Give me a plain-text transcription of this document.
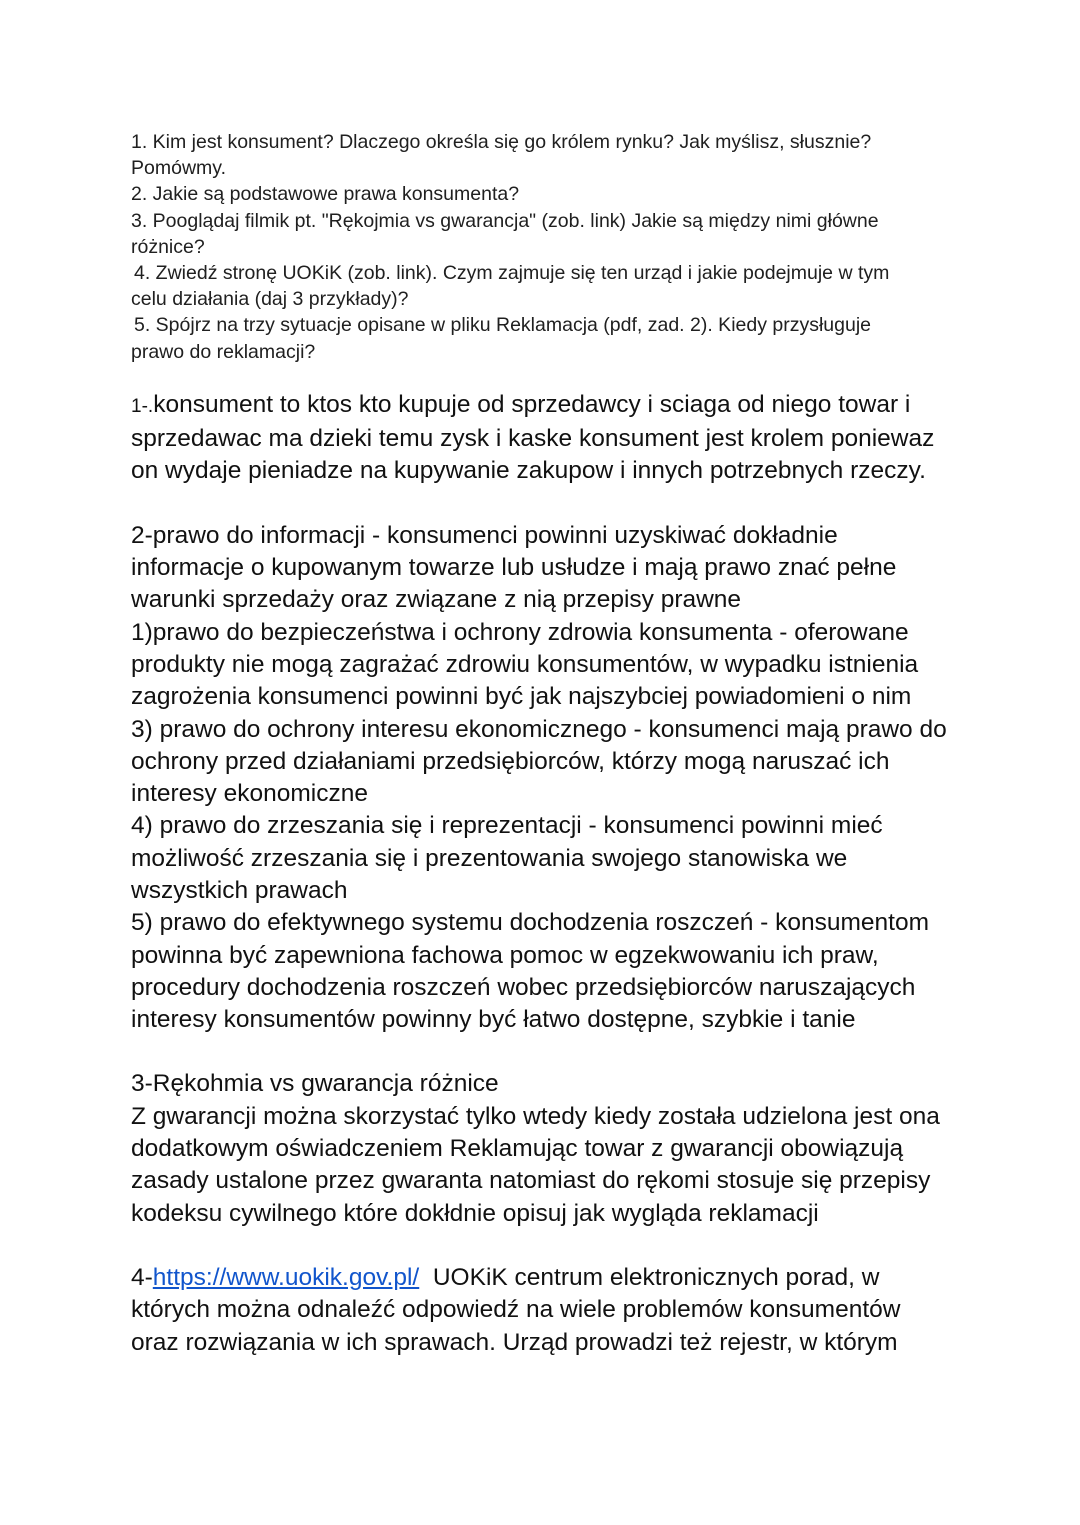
1. Kim jest konsument? Dlaczego określa się go królem rynku? Jak myślisz, słusznie?
Pomówmy.
2. Jakie są podstawowe prawa konsumenta?
3. Pooglądaj filmik pt. "Rękojmia vs gwarancja" (zob. link) Jakie są między nimi główne
różnice?
4. Zwiedź stronę UOKiK (zob. link). Czym zajmuje się ten urząd i jakie podejmuje w tym
celu działania (daj 3 przykłady)?
5. Spójrz na trzy sytuacje opisane w pliku Reklamacja (pdf, zad. 2). Kiedy przysługuje
prawo do reklamacji?
1-.konsument to ktos kto kupuje od sprzedawcy i sciaga od niego towar i
sprzedawac ma dzieki temu zysk i kaske konsument jest krolem poniewaz
on wydaje pieniadze na kupywanie zakupow i innych potrzebnych rzeczy.
2-prawo do informacji - konsumenci powinni uzyskiwać dokładnie
informacje o kupowanym towarze lub usłudze i mają prawo znać pełne
warunki sprzedaży oraz związane z nią przepisy prawne
1)prawo do bezpieczeństwa i ochrony zdrowia konsumenta - oferowane
produkty nie mogą zagrażać zdrowiu konsumentów, w wypadku istnienia
zagrożenia konsumenci powinni być jak najszybciej powiadomieni o nim
3) prawo do ochrony interesu ekonomicznego - konsumenci mają prawo do
ochrony przed działaniami przedsiębiorców, którzy mogą naruszać ich
interesy ekonomiczne
4) prawo do zrzeszania się i reprezentacji - konsumenci powinni mieć
możliwość zrzeszania się i prezentowania swojego stanowiska we
wszystkich prawach
5) prawo do efektywnego systemu dochodzenia roszczeń - konsumentom
powinna być zapewniona fachowa pomoc w egzekwowaniu ich praw,
procedury dochodzenia roszczeń wobec przedsiębiorców naruszających
interesy konsumentów powinny być łatwo dostępne, szybkie i tanie
3-Rękohmia vs gwarancja różnice
Z gwarancji można skorzystać tylko wtedy kiedy została udzielona jest ona
dodatkowym oświadczeniem Reklamując towar z gwarancji obowiązują
zasady ustalone przez gwaranta natomiast do rękomi stosuje się przepisy
kodeksu cywilnego które dokłdnie opisuj jak wygląda reklamacji
4-https://www.uokik.gov.pl/  UOKiK centrum elektronicznych porad, w
których można odnaleźć odpowiedź na wiele problemów konsumentów
oraz rozwiązania w ich sprawach. Urząd prowadzi też rejestr, w którym
